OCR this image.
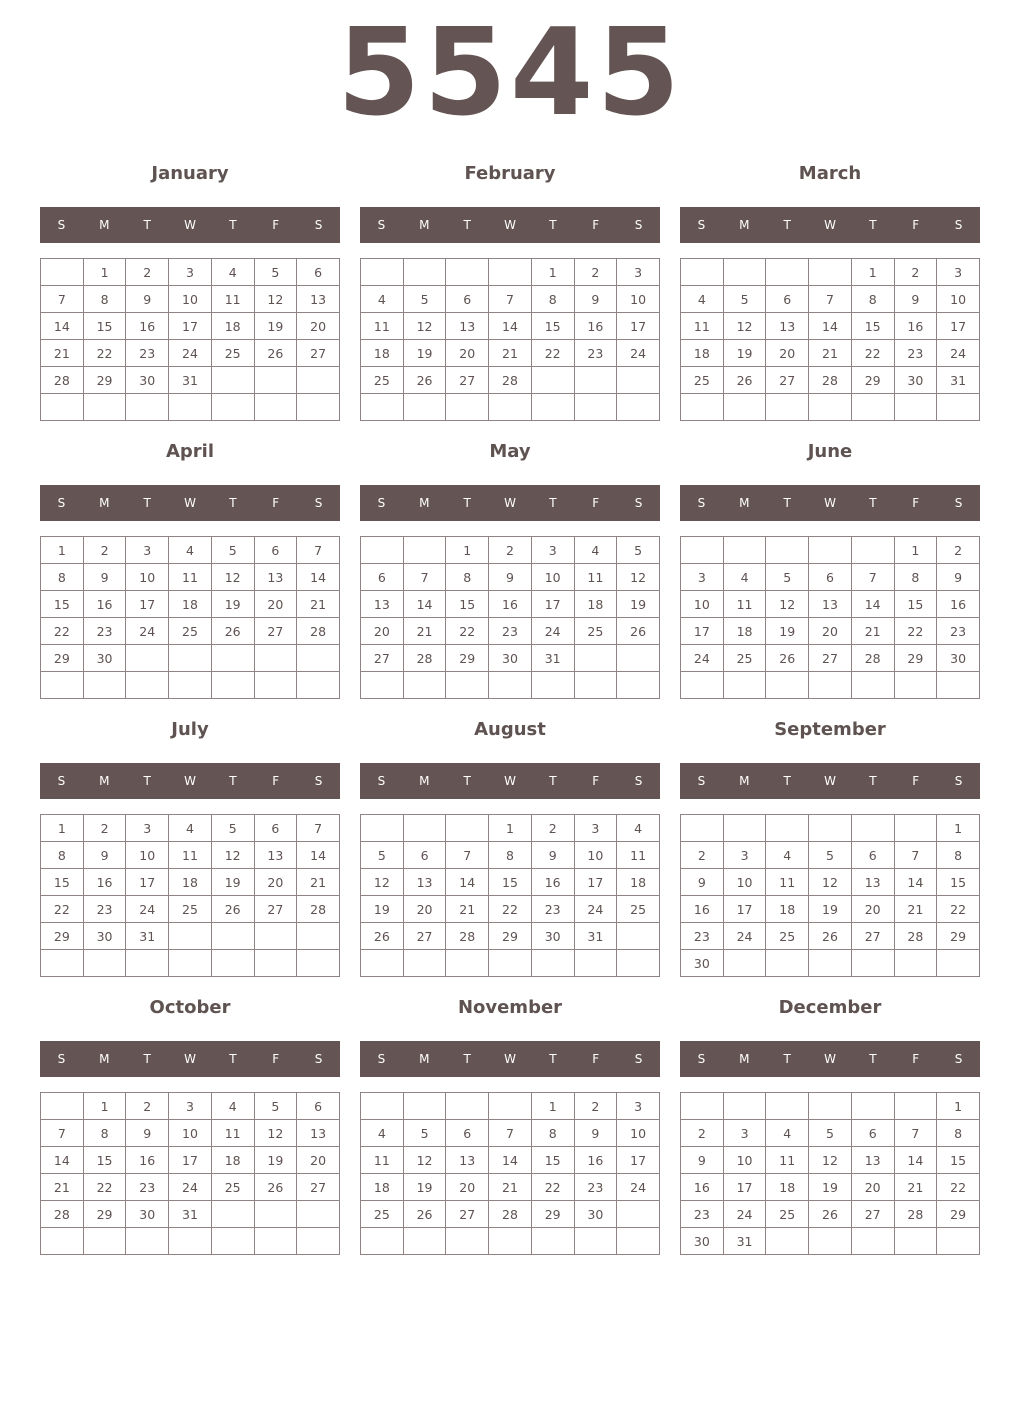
5545
January
S	M	T	W	T	F	S
	1	2	3	4	5	6
7	8	9	10	11	12	13
14	15	16	17	18	19	20
21	22	23	24	25	26	27
28	29	30	31			

February
S	M	T	W	T	F	S
				1	2	3
4	5	6	7	8	9	10
11	12	13	14	15	16	17
18	19	20	21	22	23	24
25	26	27	28			

March
S	M	T	W	T	F	S
				1	2	3
4	5	6	7	8	9	10
11	12	13	14	15	16	17
18	19	20	21	22	23	24
25	26	27	28	29	30	31

April
S	M	T	W	T	F	S
1	2	3	4	5	6	7
8	9	10	11	12	13	14
15	16	17	18	19	20	21
22	23	24	25	26	27	28
29	30					

May
S	M	T	W	T	F	S
		1	2	3	4	5
6	7	8	9	10	11	12
13	14	15	16	17	18	19
20	21	22	23	24	25	26
27	28	29	30	31		

June
S	M	T	W	T	F	S
					1	2
3	4	5	6	7	8	9
10	11	12	13	14	15	16
17	18	19	20	21	22	23
24	25	26	27	28	29	30

July
S	M	T	W	T	F	S
1	2	3	4	5	6	7
8	9	10	11	12	13	14
15	16	17	18	19	20	21
22	23	24	25	26	27	28
29	30	31				

August
S	M	T	W	T	F	S
			1	2	3	4
5	6	7	8	9	10	11
12	13	14	15	16	17	18
19	20	21	22	23	24	25
26	27	28	29	30	31	

September
S	M	T	W	T	F	S
						1
2	3	4	5	6	7	8
9	10	11	12	13	14	15
16	17	18	19	20	21	22
23	24	25	26	27	28	29
30						
October
S	M	T	W	T	F	S
	1	2	3	4	5	6
7	8	9	10	11	12	13
14	15	16	17	18	19	20
21	22	23	24	25	26	27
28	29	30	31			

November
S	M	T	W	T	F	S
				1	2	3
4	5	6	7	8	9	10
11	12	13	14	15	16	17
18	19	20	21	22	23	24
25	26	27	28	29	30	

December
S	M	T	W	T	F	S
						1
2	3	4	5	6	7	8
9	10	11	12	13	14	15
16	17	18	19	20	21	22
23	24	25	26	27	28	29
30	31					
